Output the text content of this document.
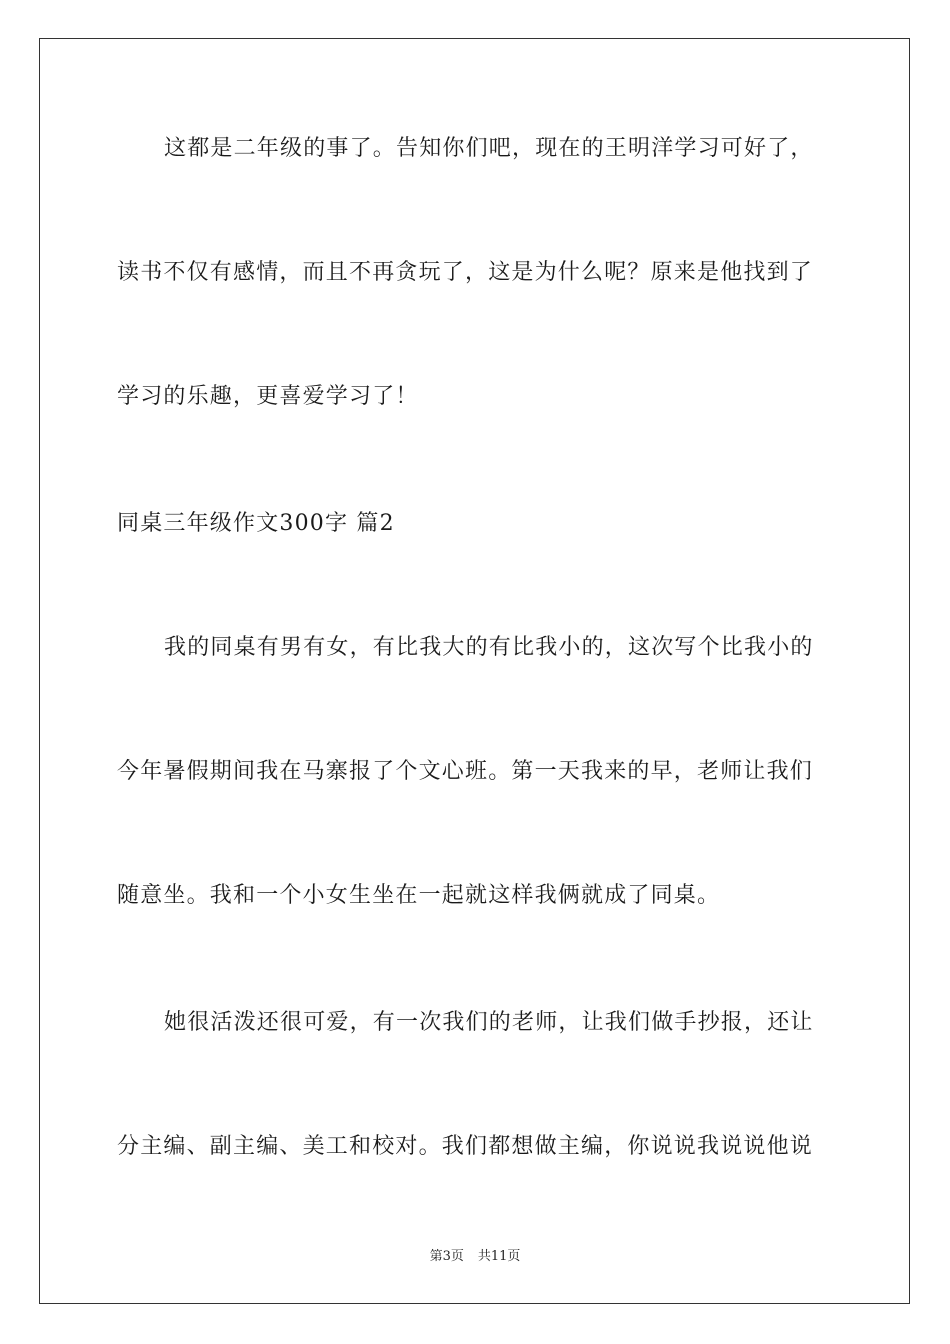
这都是二年级的事了。告知你们吧，现在的王明洋学习可好了，
读书不仅有感情，而且不再贪玩了，这是为什么呢？原来是他找到了
学习的乐趣，更喜爱学习了！
同桌三年级作文300字 篇2
我的同桌有男有女，有比我大的有比我小的，这次写个比我小的
今年暑假期间我在马寨报了个文心班。第一天我来的早，老师让我们
随意坐。我和一个小女生坐在一起就这样我俩就成了同桌。
她很活泼还很可爱，有一次我们的老师，让我们做手抄报，还让
分主编、副主编、美工和校对。我们都想做主编，你说说我说说他说
第3页 共11页
